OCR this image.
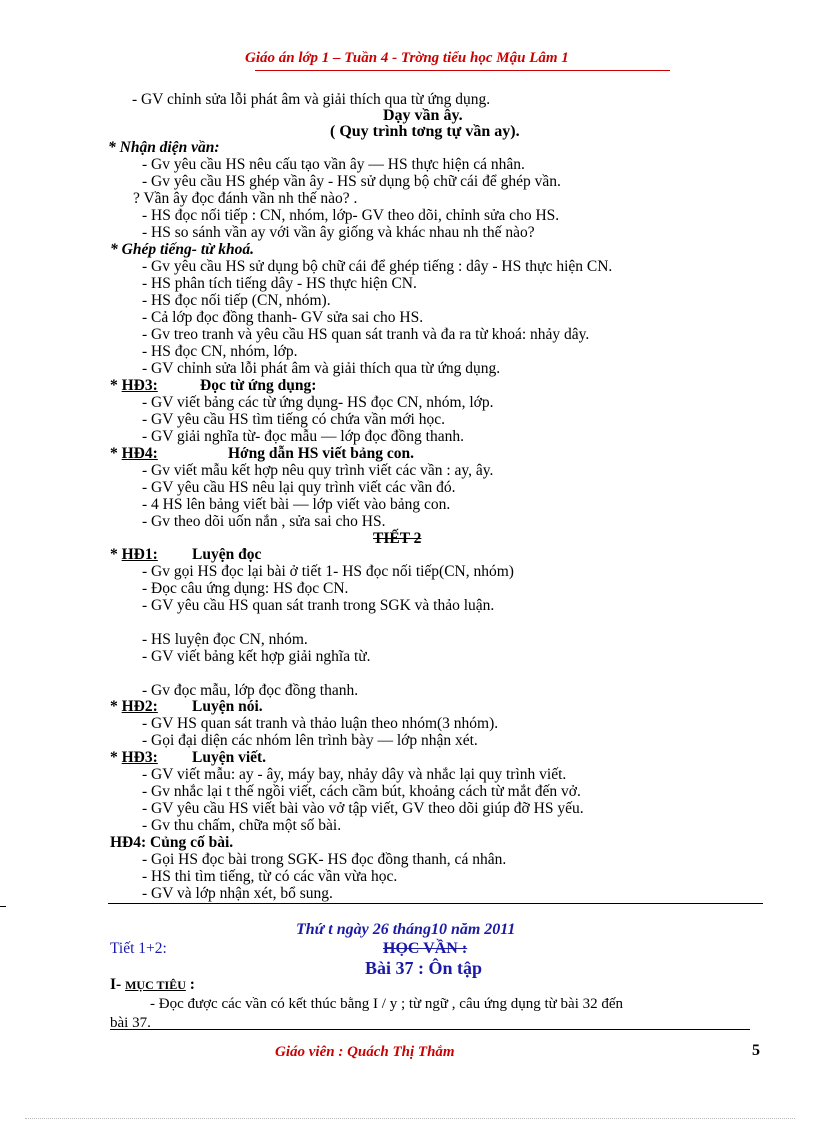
Giáo án lớp 1 – Tuần 4 - Trờng tiểu học Mậu Lâm 1
- GV chỉnh sửa lỗi phát âm và giải thích qua từ ứng dụng.
Dạy vần ây.
( Quy trình tơng tự vần ay).
* Nhận diện vần:
- Gv yêu cầu HS nêu cấu tạo vần ây — HS thực hiện cá nhân.
- Gv yêu cầu HS ghép vần ây - HS sử dụng bộ chữ cái để ghép vần.
? Vần ây đọc đánh vần nh thế nào? .
- HS đọc nối tiếp : CN, nhóm, lớp- GV theo dõi, chỉnh sửa cho HS.
- HS so sánh vần ay với vần ây giống và khác nhau nh thế nào?
* Ghép tiếng- từ khoá.
- Gv yêu cầu HS sử dụng bộ chữ cái để ghép tiếng : dây - HS thực hiện CN.
- HS phân tích tiếng dây - HS thực hiện CN.
- HS đọc nối tiếp (CN, nhóm).
- Cả lớp đọc đồng thanh- GV sửa sai cho HS.
- Gv treo tranh và yêu cầu HS quan sát tranh và đa ra từ khoá: nhảy dây.
- HS đọc CN, nhóm, lớp.
- GV chỉnh sửa lỗi phát âm và giải thích qua từ ứng dụng.
* HĐ3:	Đọc từ ứng dụng:
- GV viết bảng các từ ứng dụng- HS đọc CN, nhóm, lớp.
- GV yêu cầu HS tìm tiếng có chứa vần mới học.
- GV giải nghĩa từ- đọc mẫu — lớp đọc đồng thanh.
* HĐ4:	Hớng dẫn HS viết bảng con.
- Gv viết mẫu kết hợp nêu quy trình viết các vần : ay, ây.
- GV yêu cầu HS nêu lại quy trình viết các vần đó.
- 4 HS lên bảng viết bài — lớp viết vào bảng con.
- Gv theo dõi uốn nắn , sửa sai cho HS.
TIẾT 2
* HĐ1: Luyện đọc
- Gv gọi HS đọc lại bài ở tiết 1- HS đọc nối tiếp(CN, nhóm)
- Đọc câu ứng dụng: HS đọc CN.
- GV yêu cầu HS quan sát tranh trong SGK và thảo luận.
- HS luyện đọc CN, nhóm.
- GV viết bảng kết hợp giải nghĩa từ.
- Gv đọc mẫu, lớp đọc đồng thanh.
* HĐ2: Luyện nói.
- GV HS quan sát tranh và thảo luận theo nhóm(3 nhóm).
- Gọi đại diện các nhóm lên trình bày — lớp nhận xét.
* HĐ3: Luyện viết.
- GV viết mẫu: ay - ây, máy bay, nhảy dây và nhắc lại quy trình viết.
- Gv nhắc lại t thế ngồi viết, cách cầm bút, khoảng cách từ mắt đến vở.
- GV yêu cầu HS viết bài vào vở tập viết, GV theo dõi giúp đỡ HS yếu.
- Gv thu chấm, chữa một số bài.
HĐ4: Củng cố bài.
- Gọi HS đọc bài trong SGK- HS đọc đồng thanh, cá nhân.
- HS thi tìm tiếng, từ có các vần vừa học.
- GV và lớp nhận xét, bổ sung.
Thứ t ngày 26 tháng10 năm 2011
Tiết 1+2:	HỌC VẦN :
Bài 37 : Ôn tập
I- MỤC TIÊU :
- Đọc được các vần có kết thúc bằng I / y ; từ ngữ , câu ứng dụng từ bài 32 đến
bài 37.
Giáo viên : Quách Thị Thắm	5
